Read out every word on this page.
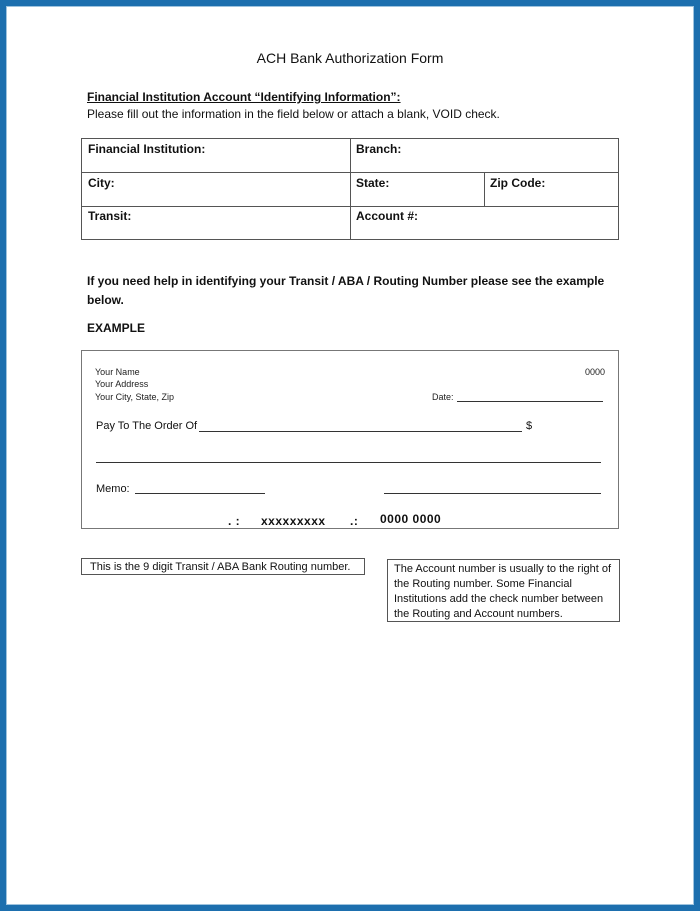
ACH Bank Authorization Form
Financial Institution Account “Identifying Information”:
Please fill out the information in the field below or attach a blank, VOID check.
Financial Institution:	Branch:
City:	State:	Zip Code:
Transit:	Account #:
If you need help in identifying your Transit / ABA / Routing Number please see the example below.
EXAMPLE
Your Name
Your Address
Your City, State, Zip
0000
Date:
Pay To The Order Of	$
Memo:
. : xxxxxxxxx .: 0000 0000
This is the 9 digit Transit / ABA Bank Routing number.	The Account number is usually to the right of the Routing number. Some Financial Institutions add the check number between the Routing and Account numbers.
